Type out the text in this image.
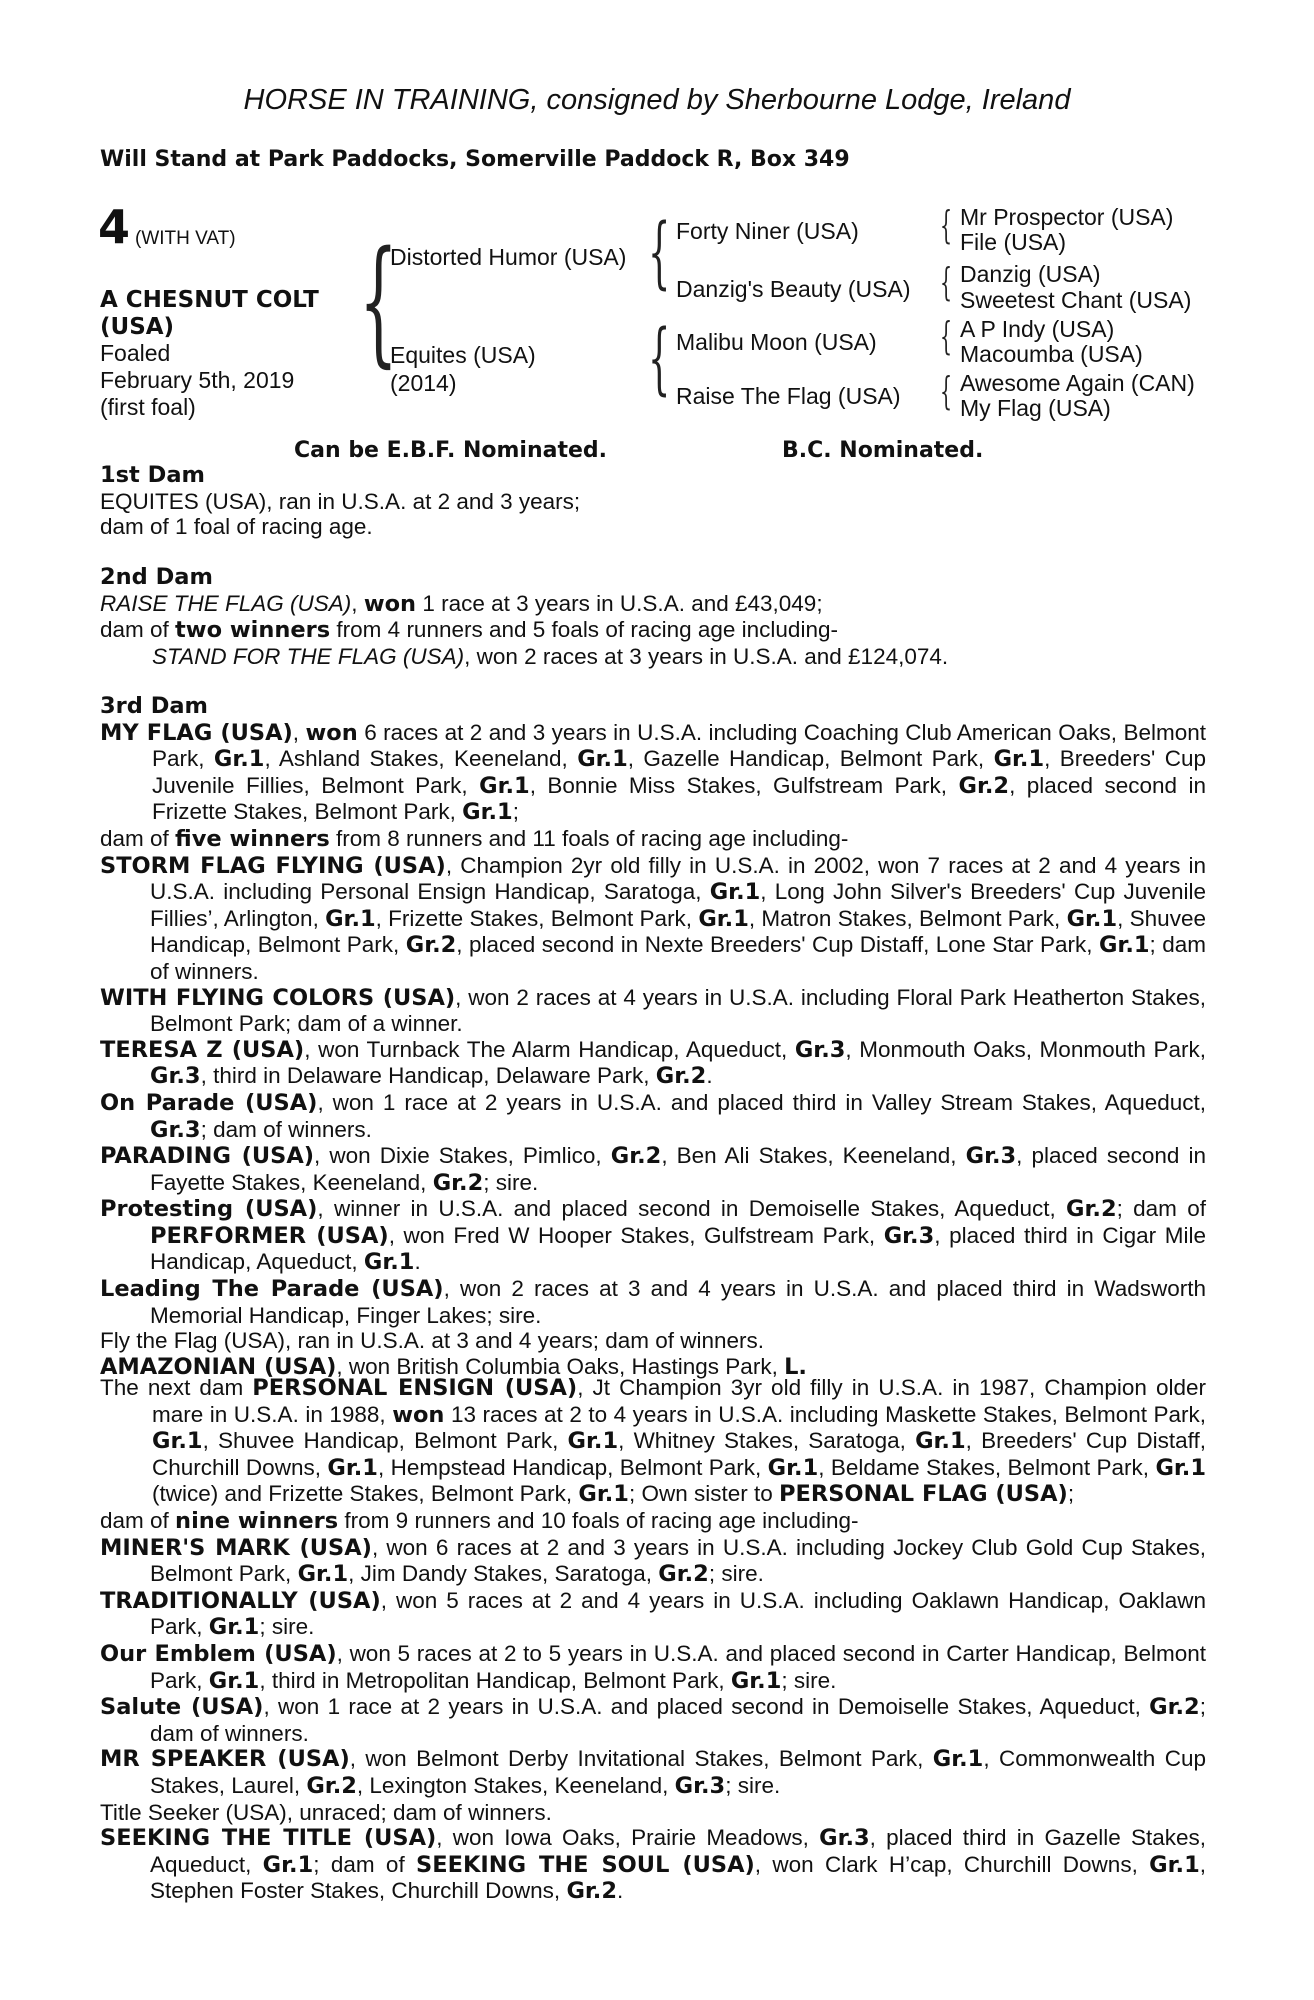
HORSE IN TRAINING, consigned by Sherbourne Lodge, Ireland
Will Stand at Park Paddocks, Somerville Paddock R, Box 349
4 (WITH VAT)
A CHESNUT COLT
(USA)
Foaled
February 5th, 2019
(first foal)
{	{
{
{
{
{
{
Distorted Humor (USA)
Equites (USA)
(2014)
Forty Niner (USA)
Danzig's Beauty (USA)
Malibu Moon (USA)
Raise The Flag (USA)
Mr Prospector (USA)
File (USA)
Danzig (USA)
Sweetest Chant (USA)
A P Indy (USA)
Macoumba (USA)
Awesome Again (CAN)
My Flag (USA)
Can be E.B.F. Nominated.	B.C. Nominated.
1st Dam
EQUITES (USA), ran in U.S.A. at 2 and 3 years;
dam of 1 foal of racing age.
2nd Dam
RAISE THE FLAG (USA), won 1 race at 3 years in U.S.A. and £43,049;
dam of two winners from 4 runners and 5 foals of racing age including-
STAND FOR THE FLAG (USA), won 2 races at 3 years in U.S.A. and £124,074.
3rd Dam
MY FLAG (USA), won 6 races at 2 and 3 years in U.S.A. including Coaching Club American Oaks, Belmont Park, Gr.1, Ashland Stakes, Keeneland, Gr.1, Gazelle Handicap, Belmont Park, Gr.1, Breeders' Cup Juvenile Fillies, Belmont Park, Gr.1, Bonnie Miss Stakes, Gulfstream Park, Gr.2, placed second in Frizette Stakes, Belmont Park, Gr.1;
dam of five winners from 8 runners and 11 foals of racing age including-
STORM FLAG FLYING (USA), Champion 2yr old filly in U.S.A. in 2002, won 7 races at 2 and 4 years in U.S.A. including Personal Ensign Handicap, Saratoga, Gr.1, Long John Silver's Breeders' Cup Juvenile Fillies’, Arlington, Gr.1, Frizette Stakes, Belmont Park, Gr.1, Matron Stakes, Belmont Park, Gr.1, Shuvee Handicap, Belmont Park, Gr.2, placed second in Nexte Breeders' Cup Distaff, Lone Star Park, Gr.1; dam of winners.
WITH FLYING COLORS (USA), won 2 races at 4 years in U.S.A. including Floral Park Heatherton Stakes, Belmont Park; dam of a winner.
TERESA Z (USA), won Turnback The Alarm Handicap, Aqueduct, Gr.3, Monmouth Oaks, Monmouth Park, Gr.3, third in Delaware Handicap, Delaware Park, Gr.2.
On Parade (USA), won 1 race at 2 years in U.S.A. and placed third in Valley Stream Stakes, Aqueduct, Gr.3; dam of winners.
PARADING (USA), won Dixie Stakes, Pimlico, Gr.2, Ben Ali Stakes, Keeneland, Gr.3, placed second in Fayette Stakes, Keeneland, Gr.2; sire.
Protesting (USA), winner in U.S.A. and placed second in Demoiselle Stakes, Aqueduct, Gr.2; dam of PERFORMER (USA), won Fred W Hooper Stakes, Gulfstream Park, Gr.3, placed third in Cigar Mile Handicap, Aqueduct, Gr.1.
Leading The Parade (USA), won 2 races at 3 and 4 years in U.S.A. and placed third in Wadsworth Memorial Handicap, Finger Lakes; sire.
Fly the Flag (USA), ran in U.S.A. at 3 and 4 years; dam of winners.
AMAZONIAN (USA), won British Columbia Oaks, Hastings Park, L.
The next dam PERSONAL ENSIGN (USA), Jt Champion 3yr old filly in U.S.A. in 1987, Champion older mare in U.S.A. in 1988, won 13 races at 2 to 4 years in U.S.A. including Maskette Stakes, Belmont Park, Gr.1, Shuvee Handicap, Belmont Park, Gr.1, Whitney Stakes, Saratoga, Gr.1, Breeders' Cup Distaff, Churchill Downs, Gr.1, Hempstead Handicap, Belmont Park, Gr.1, Beldame Stakes, Belmont Park, Gr.1 (twice) and Frizette Stakes, Belmont Park, Gr.1; Own sister to PERSONAL FLAG (USA);
dam of nine winners from 9 runners and 10 foals of racing age including-
MINER'S MARK (USA), won 6 races at 2 and 3 years in U.S.A. including Jockey Club Gold Cup Stakes, Belmont Park, Gr.1, Jim Dandy Stakes, Saratoga, Gr.2; sire.
TRADITIONALLY (USA), won 5 races at 2 and 4 years in U.S.A. including Oaklawn Handicap, Oaklawn Park, Gr.1; sire.
Our Emblem (USA), won 5 races at 2 to 5 years in U.S.A. and placed second in Carter Handicap, Belmont Park, Gr.1, third in Metropolitan Handicap, Belmont Park, Gr.1; sire.
Salute (USA), won 1 race at 2 years in U.S.A. and placed second in Demoiselle Stakes, Aqueduct, Gr.2; dam of winners.
MR SPEAKER (USA), won Belmont Derby Invitational Stakes, Belmont Park, Gr.1, Commonwealth Cup Stakes, Laurel, Gr.2, Lexington Stakes, Keeneland, Gr.3; sire.
Title Seeker (USA), unraced; dam of winners.
SEEKING THE TITLE (USA), won Iowa Oaks, Prairie Meadows, Gr.3, placed third in Gazelle Stakes, Aqueduct, Gr.1; dam of SEEKING THE SOUL (USA), won Clark H’cap, Churchill Downs, Gr.1, Stephen Foster Stakes, Churchill Downs, Gr.2.
